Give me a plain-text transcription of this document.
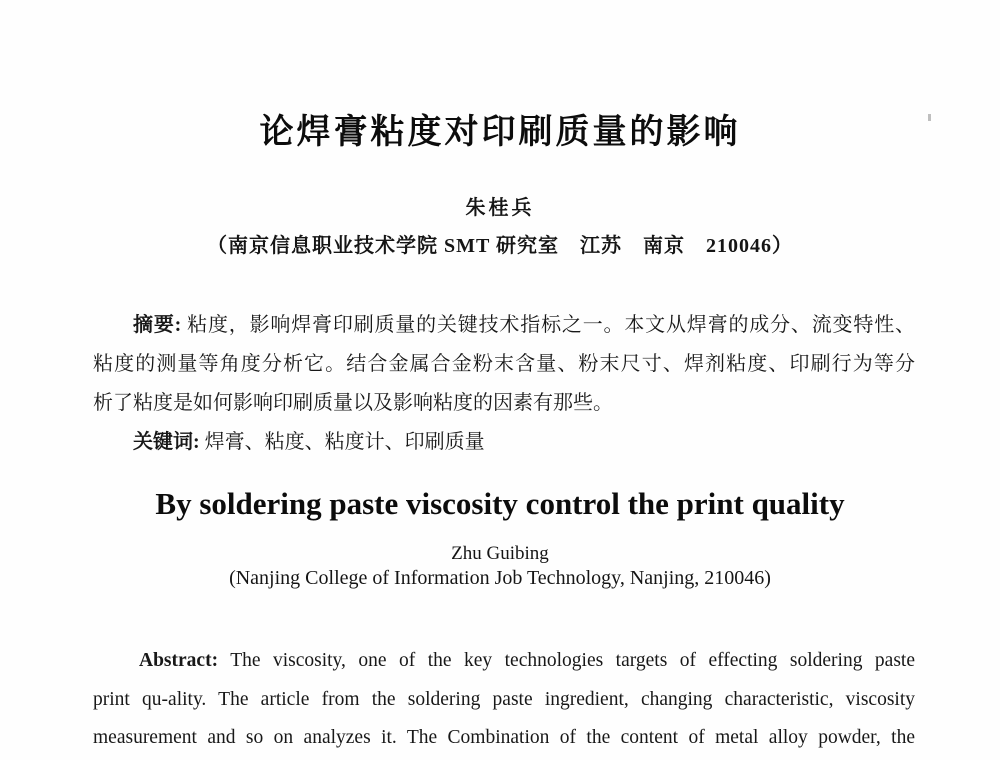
论焊膏粘度对印刷质量的影响
朱桂兵
（南京信息职业技术学院 SMT 研究室　江苏　南京　210046）
摘要: 粘度，影响焊膏印刷质量的关键技术指标之一。本文从焊膏的成分、流变特性、
粘度的测量等角度分析它。结合金属合金粉末含量、粉末尺寸、焊剂粘度、印刷行为等分
析了粘度是如何影响印刷质量以及影响粘度的因素有那些。
关键词: 焊膏、粘度、粘度计、印刷质量
By soldering paste viscosity control the print quality
Zhu Guibing
(Nanjing College of Information Job Technology, Nanjing, 210046)
Abstract: The viscosity, one of the key technologies targets of effecting soldering paste
print qu-ality. The article from the soldering paste ingredient, changing characteristic, viscosity
measurement and so on analyzes it. The Combination of the content of metal alloy powder, the
